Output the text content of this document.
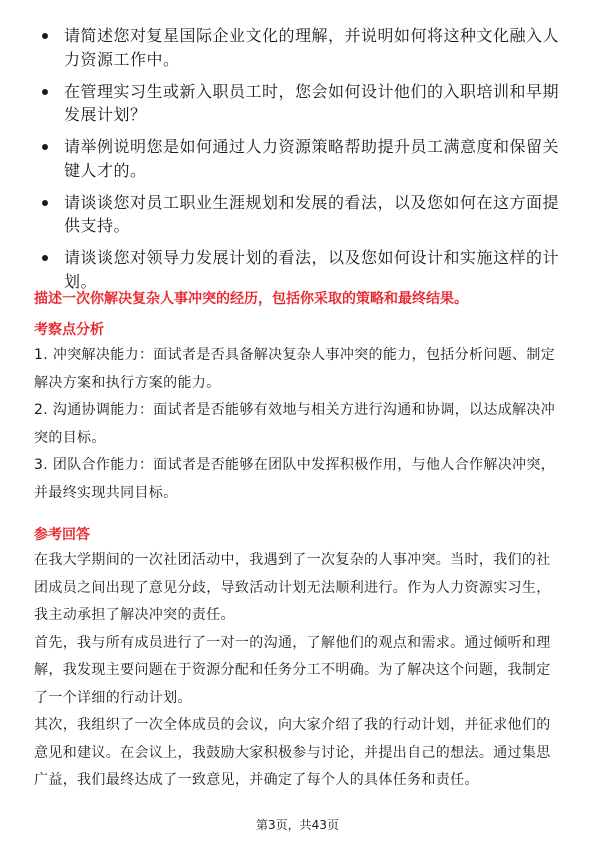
请简述您对复星国际企业文化的理解，并说明如何将这种文化融入人力资源工作中。
在管理实习生或新入职员工时，您会如何设计他们的入职培训和早期发展计划？
请举例说明您是如何通过人力资源策略帮助提升员工满意度和保留关键人才的。
请谈谈您对员工职业生涯规划和发展的看法，以及您如何在这方面提供支持。
请谈谈您对领导力发展计划的看法，以及您如何设计和实施这样的计划。
描述一次你解决复杂人事冲突的经历，包括你采取的策略和最终结果。
考察点分析

1. 冲突解决能力：面试者是否具备解决复杂人事冲突的能力，包括分析问题、制定解决方案和执行方案的能力。

2. 沟通协调能力：面试者是否能够有效地与相关方进行沟通和协调，以达成解决冲突的目标。

3. 团队合作能力：面试者是否能够在团队中发挥积极作用，与他人合作解决冲突，并最终实现共同目标。

参考回答

在我大学期间的一次社团活动中，我遇到了一次复杂的人事冲突。当时，我们的社团成员之间出现了意见分歧，导致活动计划无法顺利进行。作为人力资源实习生，我主动承担了解决冲突的责任。

首先，我与所有成员进行了一对一的沟通，了解他们的观点和需求。通过倾听和理解，我发现主要问题在于资源分配和任务分工不明确。为了解决这个问题，我制定了一个详细的行动计划。

其次，我组织了一次全体成员的会议，向大家介绍了我的行动计划，并征求他们的意见和建议。在会议上，我鼓励大家积极参与讨论，并提出自己的想法。通过集思广益，我们最终达成了一致意见，并确定了每个人的具体任务和责任。

第3页，共43页
